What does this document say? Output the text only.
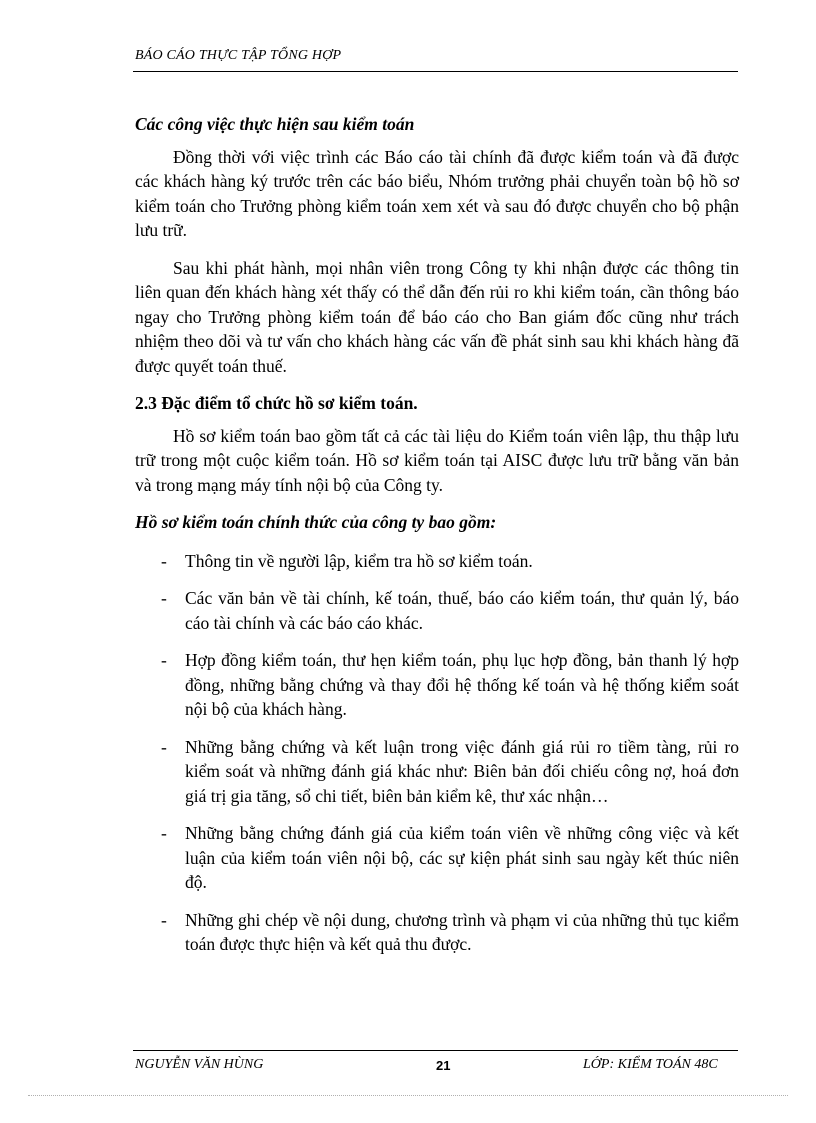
BÁO CÁO THỰC TẬP TỔNG HỢP
Các công việc thực hiện sau kiểm toán

Đồng thời với việc trình các Báo cáo tài chính đã được kiểm toán và đã được các khách hàng ký trước trên các báo biểu, Nhóm trưởng phải chuyển toàn bộ hồ sơ kiểm toán cho Trưởng phòng kiểm toán xem xét và sau đó được chuyển cho bộ phận lưu trữ.

Sau khi phát hành, mọi nhân viên trong Công ty khi nhận được các thông tin liên quan đến khách hàng xét thấy có thể dẫn đến rủi ro khi kiểm toán, cần thông báo ngay cho Trưởng phòng kiểm toán để báo cáo cho Ban giám đốc cũng như trách nhiệm theo dõi và tư vấn cho khách hàng các vấn đề phát sinh sau khi khách hàng đã được quyết toán thuế.

2.3 Đặc điểm tổ chức hồ sơ kiểm toán.

Hồ sơ kiểm toán bao gồm tất cả các tài liệu do Kiểm toán viên lập, thu thập lưu trữ trong một cuộc kiểm toán. Hồ sơ kiểm toán tại AISC được lưu trữ bằng văn bản và trong mạng máy tính nội bộ của Công ty.

Hồ sơ kiểm toán chính thức của công ty bao gồm:
- Thông tin về người lập, kiểm tra hồ sơ kiểm toán.
- Các văn bản về tài chính, kế toán, thuế, báo cáo kiểm toán, thư quản lý, báo cáo tài chính và các báo cáo khác.
- Hợp đồng kiểm toán, thư hẹn kiểm toán, phụ lục hợp đồng, bản thanh lý hợp đồng, những bằng chứng và thay đổi hệ thống kế toán và hệ thống kiểm soát nội bộ của khách hàng.
- Những bằng chứng và kết luận trong việc đánh giá rủi ro tiềm tàng, rủi ro kiểm soát và những đánh giá khác như: Biên bản đối chiếu công nợ, hoá đơn giá trị gia tăng, sổ chi tiết, biên bản kiểm kê, thư xác nhận…
- Những bằng chứng đánh giá của kiểm toán viên về những công việc và kết luận của kiểm toán viên nội bộ, các sự kiện phát sinh sau ngày kết thúc niên độ.
- Những ghi chép về nội dung, chương trình và phạm vi của những thủ tục kiểm toán được thực hiện và kết quả thu được.
NGUYỄN VĂN HÙNG	21	LỚP: KIỂM TOÁN 48C
